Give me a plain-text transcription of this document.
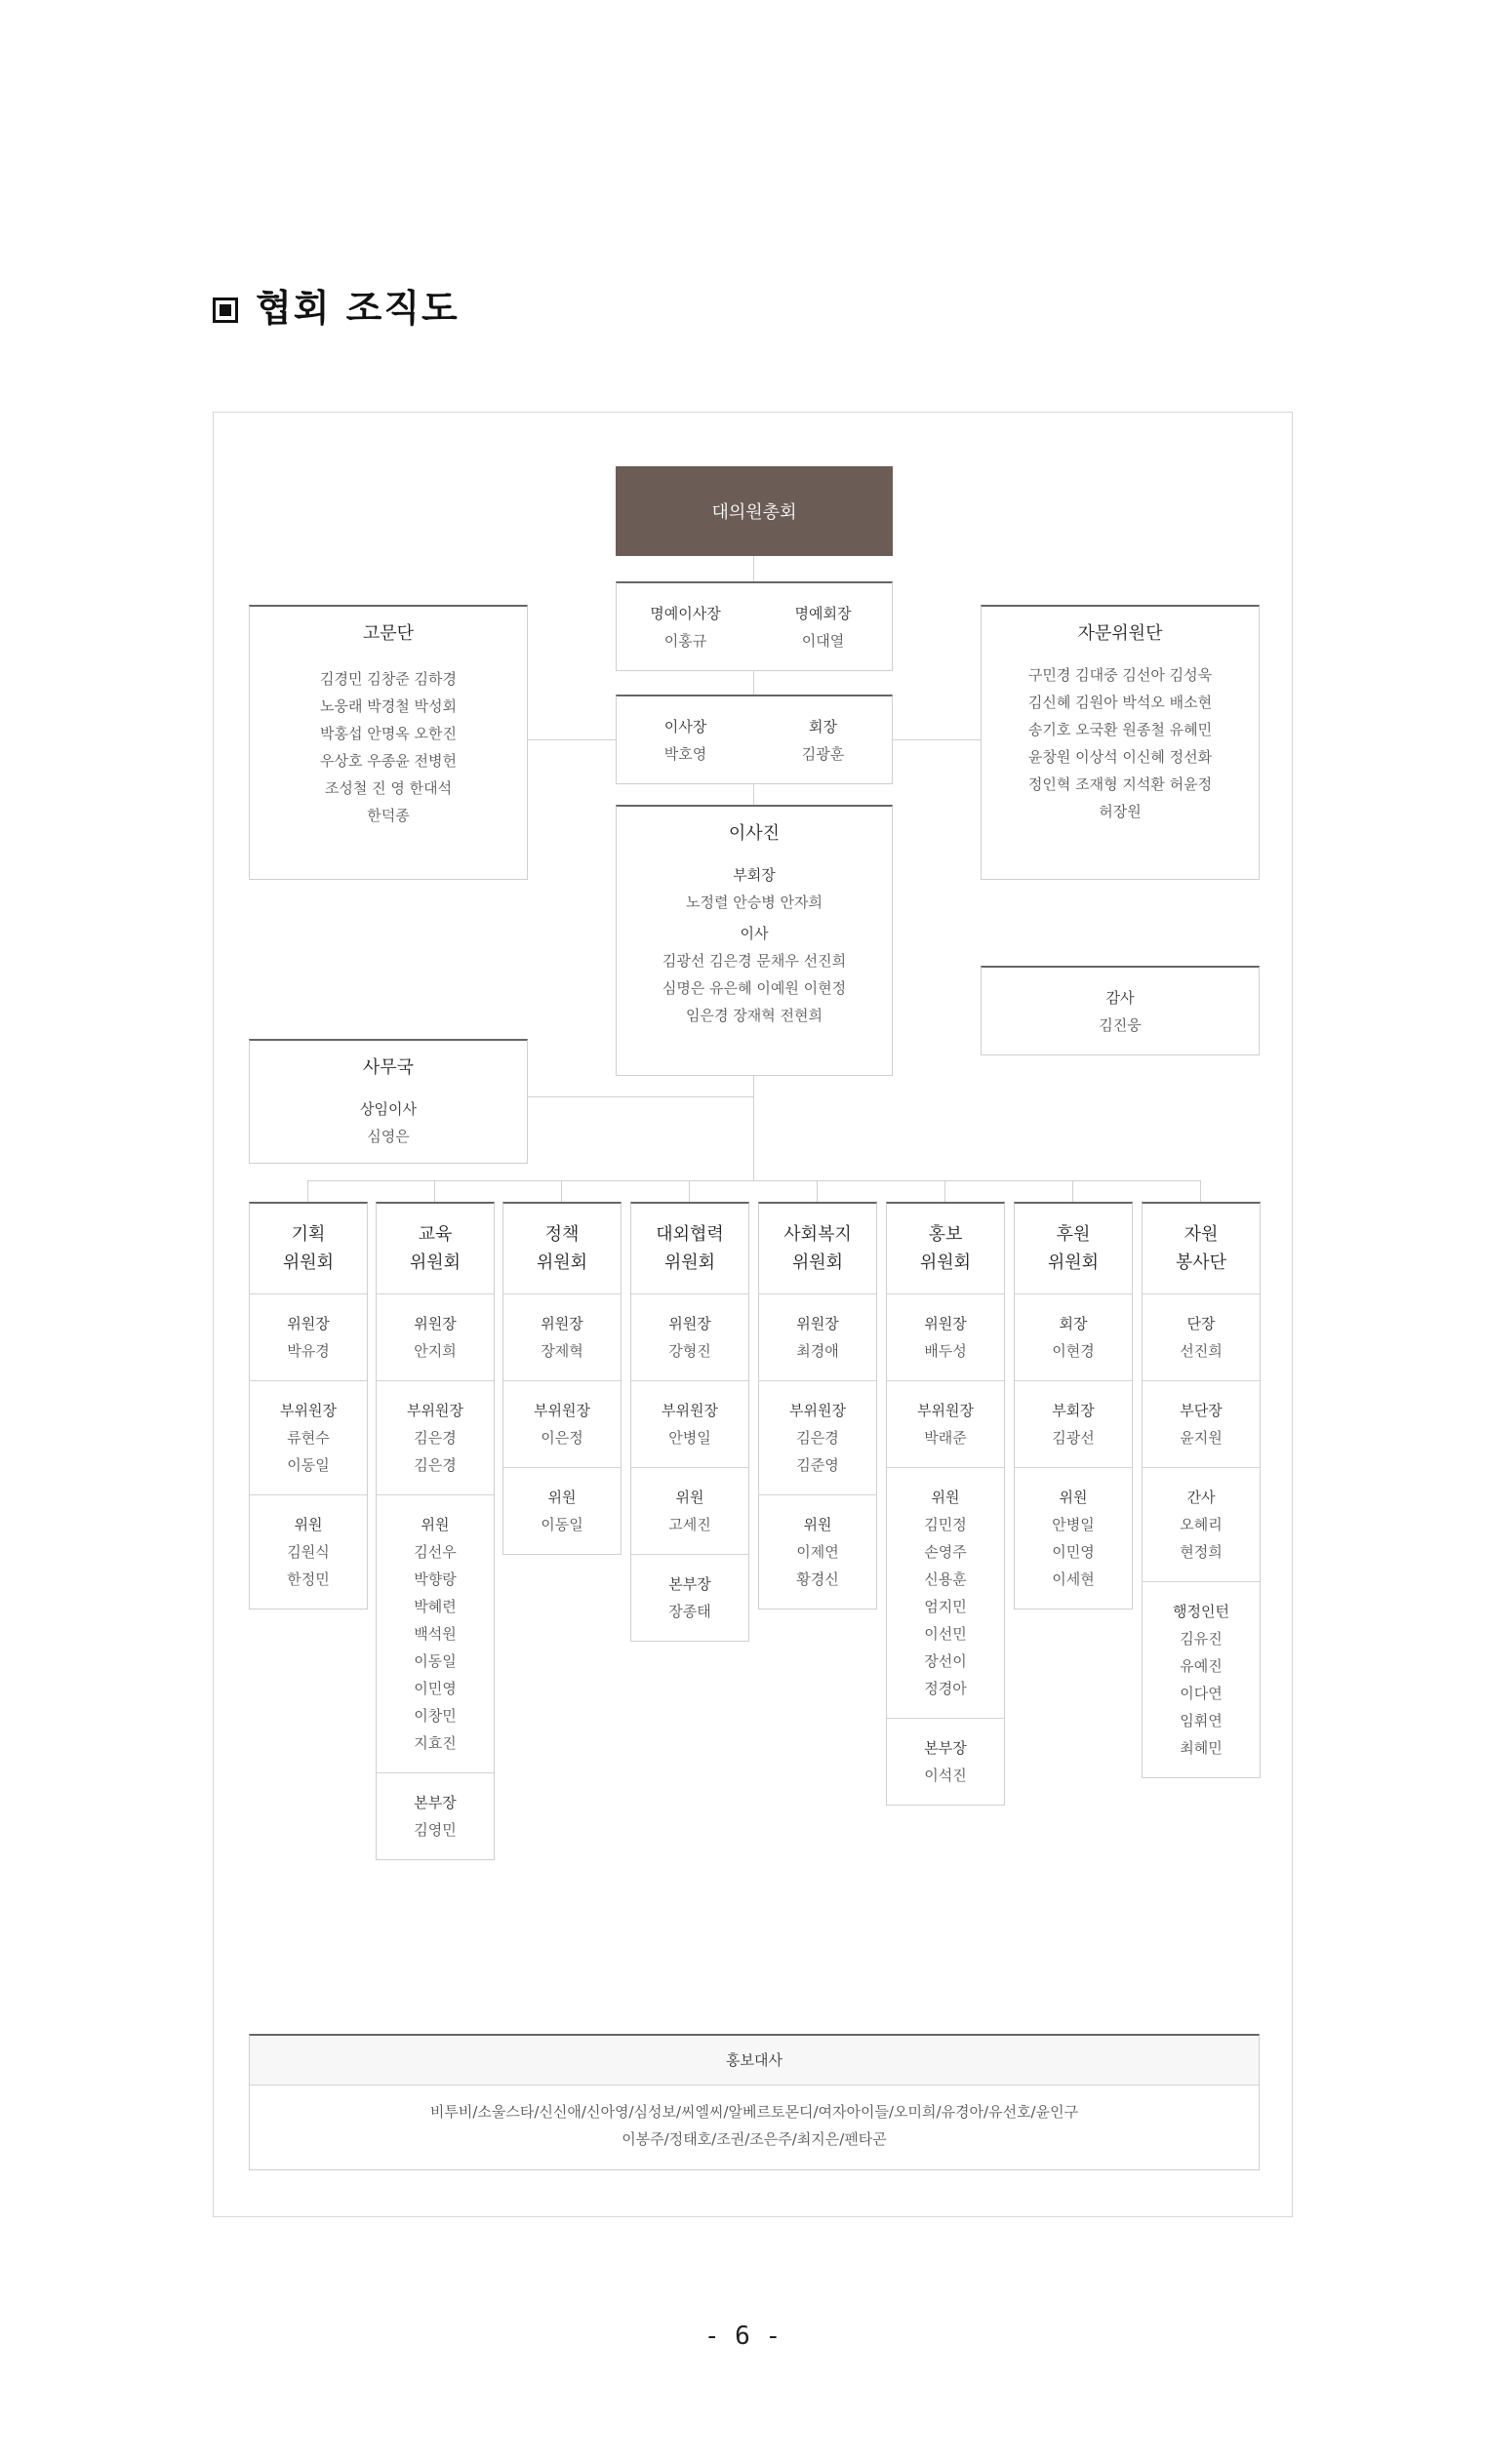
협회 조직도
대의원총회
명예이사장
이홍규
명예회장
이대열
이사장
박호영
회장
김광훈
고문단
김경민 김창준 김하경
노웅래 박경철 박성회
박홍섭 안명옥 오한진
우상호 우종윤 전병헌
조성철 진 영 한대석
한덕종
자문위원단
구민경 김대중 김선아 김성욱
김신혜 김원아 박석오 배소현
송기호 오국환 원종철 유혜민
윤창원 이상석 이신혜 정선화
정인혁 조재형 지석환 허윤정
허장원
이사진
부회장
노정렬 안승병 안자희
이사
김광선 김은경 문채우 선진희
심명은 유은혜 이예원 이현정
임은경 장재혁 전현희
감사
김진웅
사무국
상임이사
심영은
기획
위원회
위원장
박유경
부위원장
류현수
이동일
위원
김원식
한정민
교육
위원회
위원장
안지희
부위원장
김은경
김은경
위원
김선우
박향랑
박혜련
백석원
이동일
이민영
이창민
지효진
본부장
김영민
정책
위원회
위원장
장제혁
부위원장
이은정
위원
이동일
대외협력
위원회
위원장
강형진
부위원장
안병일
위원
고세진
본부장
장종태
사회복지
위원회
위원장
최경애
부위원장
김은경
김준영
위원
이제연
황경신
홍보
위원회
위원장
배두성
부위원장
박래준
위원
김민정
손영주
신용훈
엄지민
이선민
장선이
정경아
본부장
이석진
후원
위원회
회장
이현경
부회장
김광선
위원
안병일
이민영
이세현
자원
봉사단
단장
선진희
부단장
윤지원
간사
오혜리
현정희
행정인턴
김유진
유예진
이다연
임휘연
최혜민
홍보대사
비투비/소울스타/신신애/신아영/심성보/씨엘씨/알베르토몬디/여자아이들/오미희/유경아/유선호/윤인구
이봉주/정태호/조권/조은주/최지은/펜타곤
- 6 -
